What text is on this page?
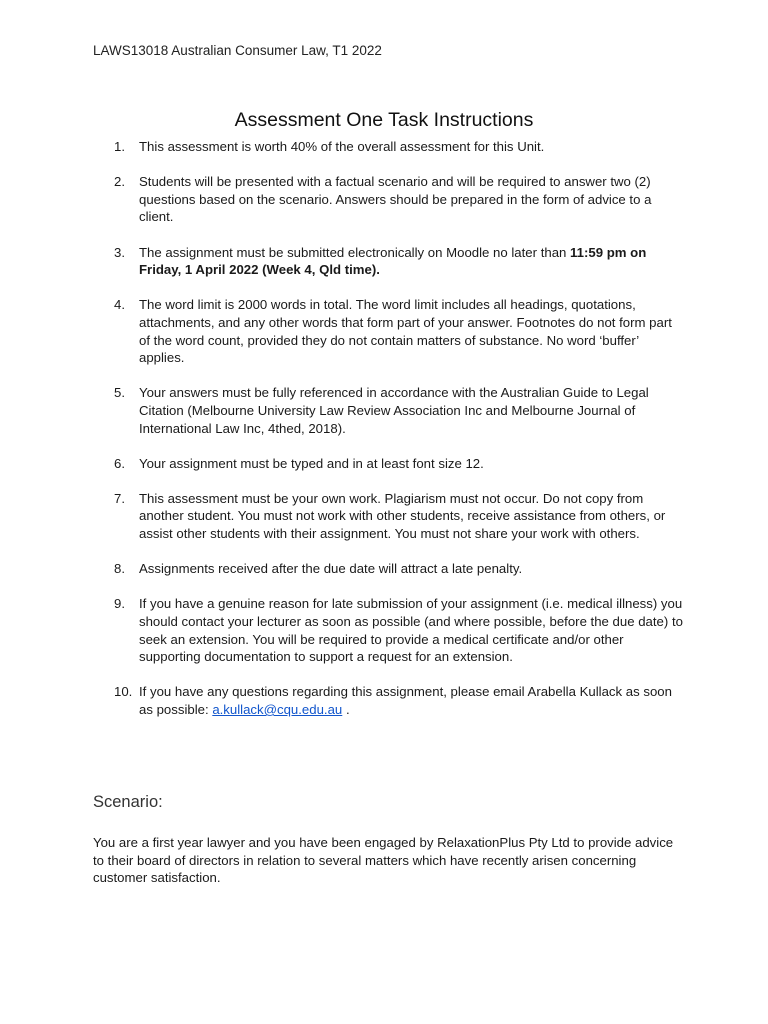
LAWS13018 Australian Consumer Law, T1 2022
Assessment One Task Instructions
1.	This assessment is worth 40% of the overall assessment for this Unit.
2.	Students will be presented with a factual scenario and will be required to answer two (2) questions based on the scenario. Answers should be prepared in the form of advice to a client.
3.	The assignment must be submitted electronically on Moodle no later than 11:59 pm on Friday, 1 April 2022 (Week 4, Qld time).
4.	The word limit is 2000 words in total. The word limit includes all headings, quotations, attachments, and any other words that form part of your answer. Footnotes do not form part of the word count, provided they do not contain matters of substance. No word ‘buffer’ applies.
5.	Your answers must be fully referenced in accordance with the Australian Guide to Legal Citation (Melbourne University Law Review Association Inc and Melbourne Journal of International Law Inc, 4thed, 2018).
6.	Your assignment must be typed and in at least font size 12.
7.	This assessment must be your own work. Plagiarism must not occur. Do not copy from another student. You must not work with other students, receive assistance from others, or assist other students with their assignment. You must not share your work with others.
8.	Assignments received after the due date will attract a late penalty.
9.	If you have a genuine reason for late submission of your assignment (i.e. medical illness) you should contact your lecturer as soon as possible (and where possible, before the due date) to seek an extension. You will be required to provide a medical certificate and/or other supporting documentation to support a request for an extension.
10. If you have any questions regarding this assignment, please email Arabella Kullack as soon as possible: a.kullack@cqu.edu.au .
Scenario:
You are a first year lawyer and you have been engaged by RelaxationPlus Pty Ltd to provide advice to their board of directors in relation to several matters which have recently arisen concerning customer satisfaction.
